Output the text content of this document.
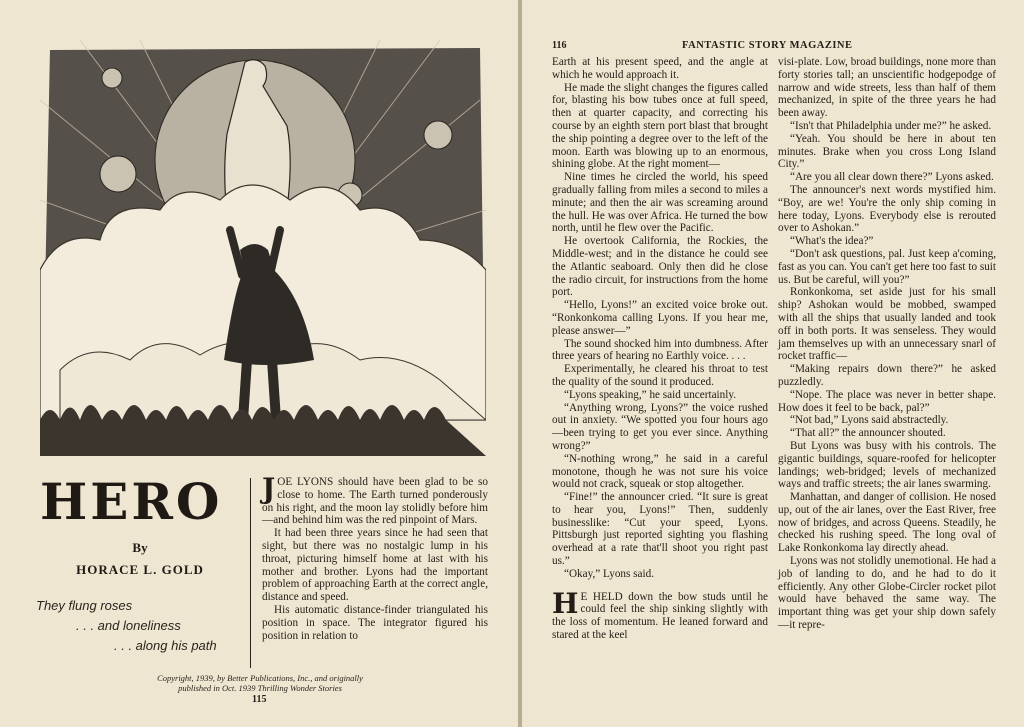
HERO
By
HORACE L. GOLD
They flung roses
. . . and loneliness
. . . along his path

JOE LYONS should have been glad to be so close to home. The Earth turned ponderously on his right, and the moon lay stolidly before him—and behind him was the red pinpoint of Mars.

It had been three years since he had seen that sight, but there was no nostalgic lump in his throat, picturing himself home at last with his mother and brother. Lyons had the important problem of approaching Earth at the correct angle, distance and speed.

His automatic distance-finder triangulated his position in space. The integrator figured his position in relation to

Copyright, 1939, by Better Publications, Inc., and originally
published in Oct. 1939 Thrilling Wonder Stories
115
116	FANTASTIC STORY MAGAZINE

Earth at his present speed, and the angle at which he would approach it.

He made the slight changes the figures called for, blasting his bow tubes once at full speed, then at quarter capacity, and correcting his course by an eighth stern port blast that brought the ship pointing a degree over to the left of the moon. Earth was blowing up to an enormous, shining globe. At the right moment—

Nine times he circled the world, his speed gradually falling from miles a second to miles a minute; and then the air was screaming around the hull. He was over Africa. He turned the bow north, until he flew over the Pacific.

He overtook California, the Rockies, the Middle-west; and in the distance he could see the Atlantic seaboard. Only then did he close the radio circuit, for instructions from the home port.

“Hello, Lyons!” an excited voice broke out. “Ronkonkoma calling Lyons. If you hear me, please answer—”

The sound shocked him into dumbness. After three years of hearing no Earthly voice. . . .

Experimentally, he cleared his throat to test the quality of the sound it produced.

“Lyons speaking,” he said uncertainly.

“Anything wrong, Lyons?” the voice rushed out in anxiety. “We spotted you four hours ago—been trying to get you ever since. Anything wrong?”

“N-nothing wrong,” he said in a careful monotone, though he was not sure his voice would not crack, squeak or stop altogether.

“Fine!” the announcer cried. “It sure is great to hear you, Lyons!” Then, suddenly businesslike: “Cut your speed, Lyons. Pittsburgh just reported sighting you flashing overhead at a rate that'll shoot you right past us.”

“Okay,” Lyons said.

H E HELD down the bow studs until he could feel the ship sinking slightly with the loss of momentum. He leaned forward and stared at the keel

visi-plate. Low, broad buildings, none more than forty stories tall; an unscientific hodgepodge of narrow and wide streets, less than half of them mechanized, in spite of the three years he had been away.

“Isn't that Philadelphia under me?” he asked.

“Yeah. You should be here in about ten minutes. Brake when you cross Long Island City.”

“Are you all clear down there?” Lyons asked.

The announcer's next words mystified him. “Boy, are we! You're the only ship coming in here today, Lyons. Everybody else is rerouted over to Ashokan.”

“What's the idea?”

“Don't ask questions, pal. Just keep a'coming, fast as you can. You can't get here too fast to suit us. But be careful, will you?”

Ronkonkoma, set aside just for his small ship? Ashokan would be mobbed, swamped with all the ships that usually landed and took off in both ports. It was senseless. They would jam themselves up with an unnecessary snarl of rocket traffic—

“Making repairs down there?” he asked puzzledly.

“Nope. The place was never in better shape. How does it feel to be back, pal?”

“Not bad,” Lyons said abstractedly.

“That all?” the announcer shouted.

But Lyons was busy with his controls. The gigantic buildings, square-roofed for helicopter landings; web-bridged; levels of mechanized ways and traffic streets; the air lanes swarming.

Manhattan, and danger of collision. He nosed up, out of the air lanes, over the East River, free now of bridges, and across Queens. Steadily, he checked his rushing speed. The long oval of Lake Ronkonkoma lay directly ahead.

Lyons was not stolidly unemotional. He had a job of landing to do, and he had to do it efficiently. Any other Globe-Circler rocket pilot would have behaved the same way. The important thing was get your ship down safely—it repre-
